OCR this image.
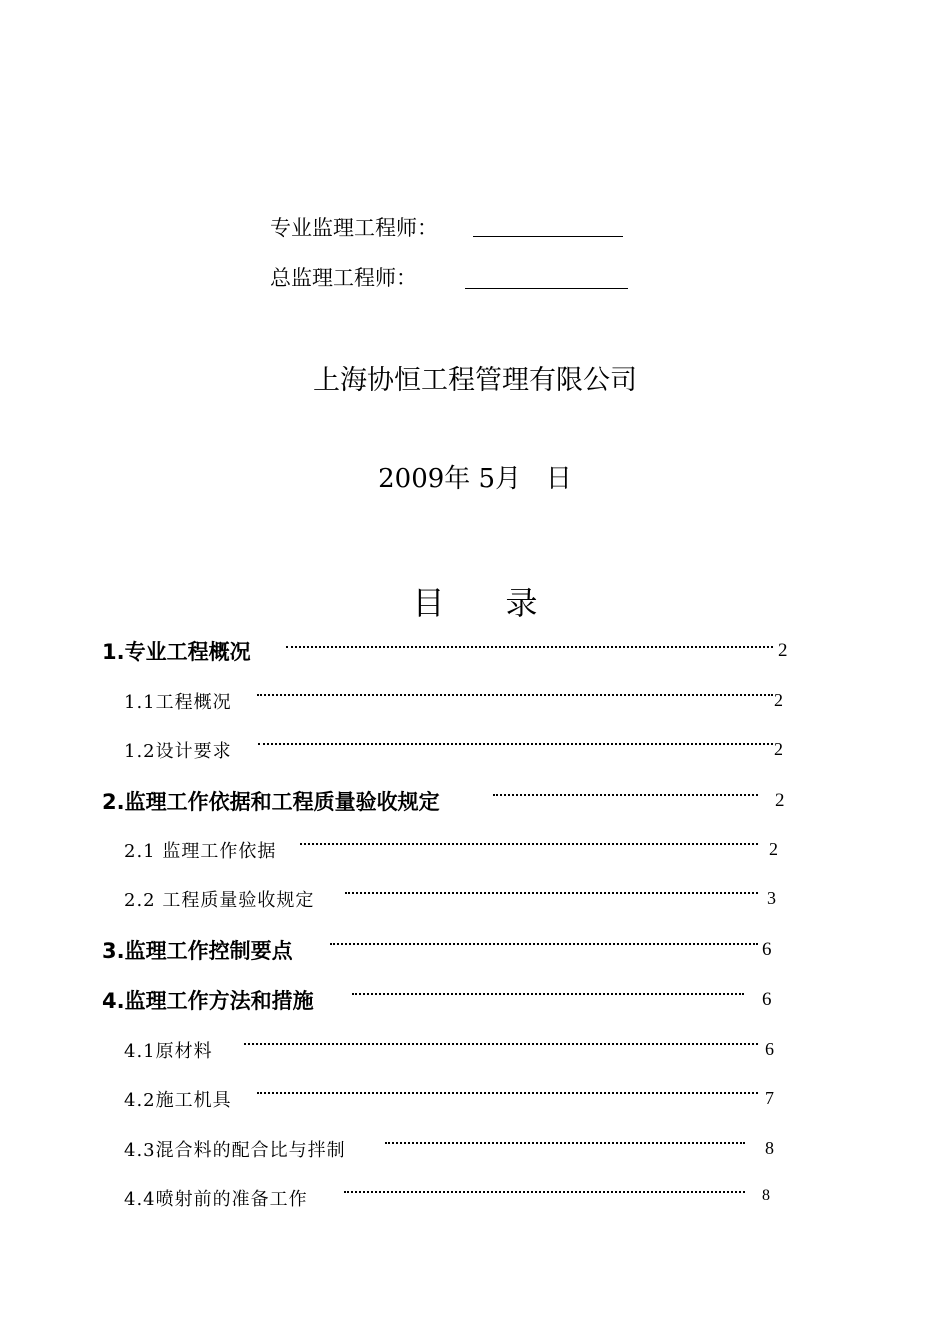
专业监理工程师：
总监理工程师：
上海协恒工程管理有限公司
2009年 5月   日
目      录
1.专业工程概况	2
1.1工程概况	2
1.2设计要求	2
2.监理工作依据和工程质量验收规定	2
2.1 监理工作依据	2
2.2 工程质量验收规定	3
3.监理工作控制要点	6
4.监理工作方法和措施	6
4.1原材料	6
4.2施工机具	7
4.3混合料的配合比与拌制	8
4.4喷射前的准备工作	8
